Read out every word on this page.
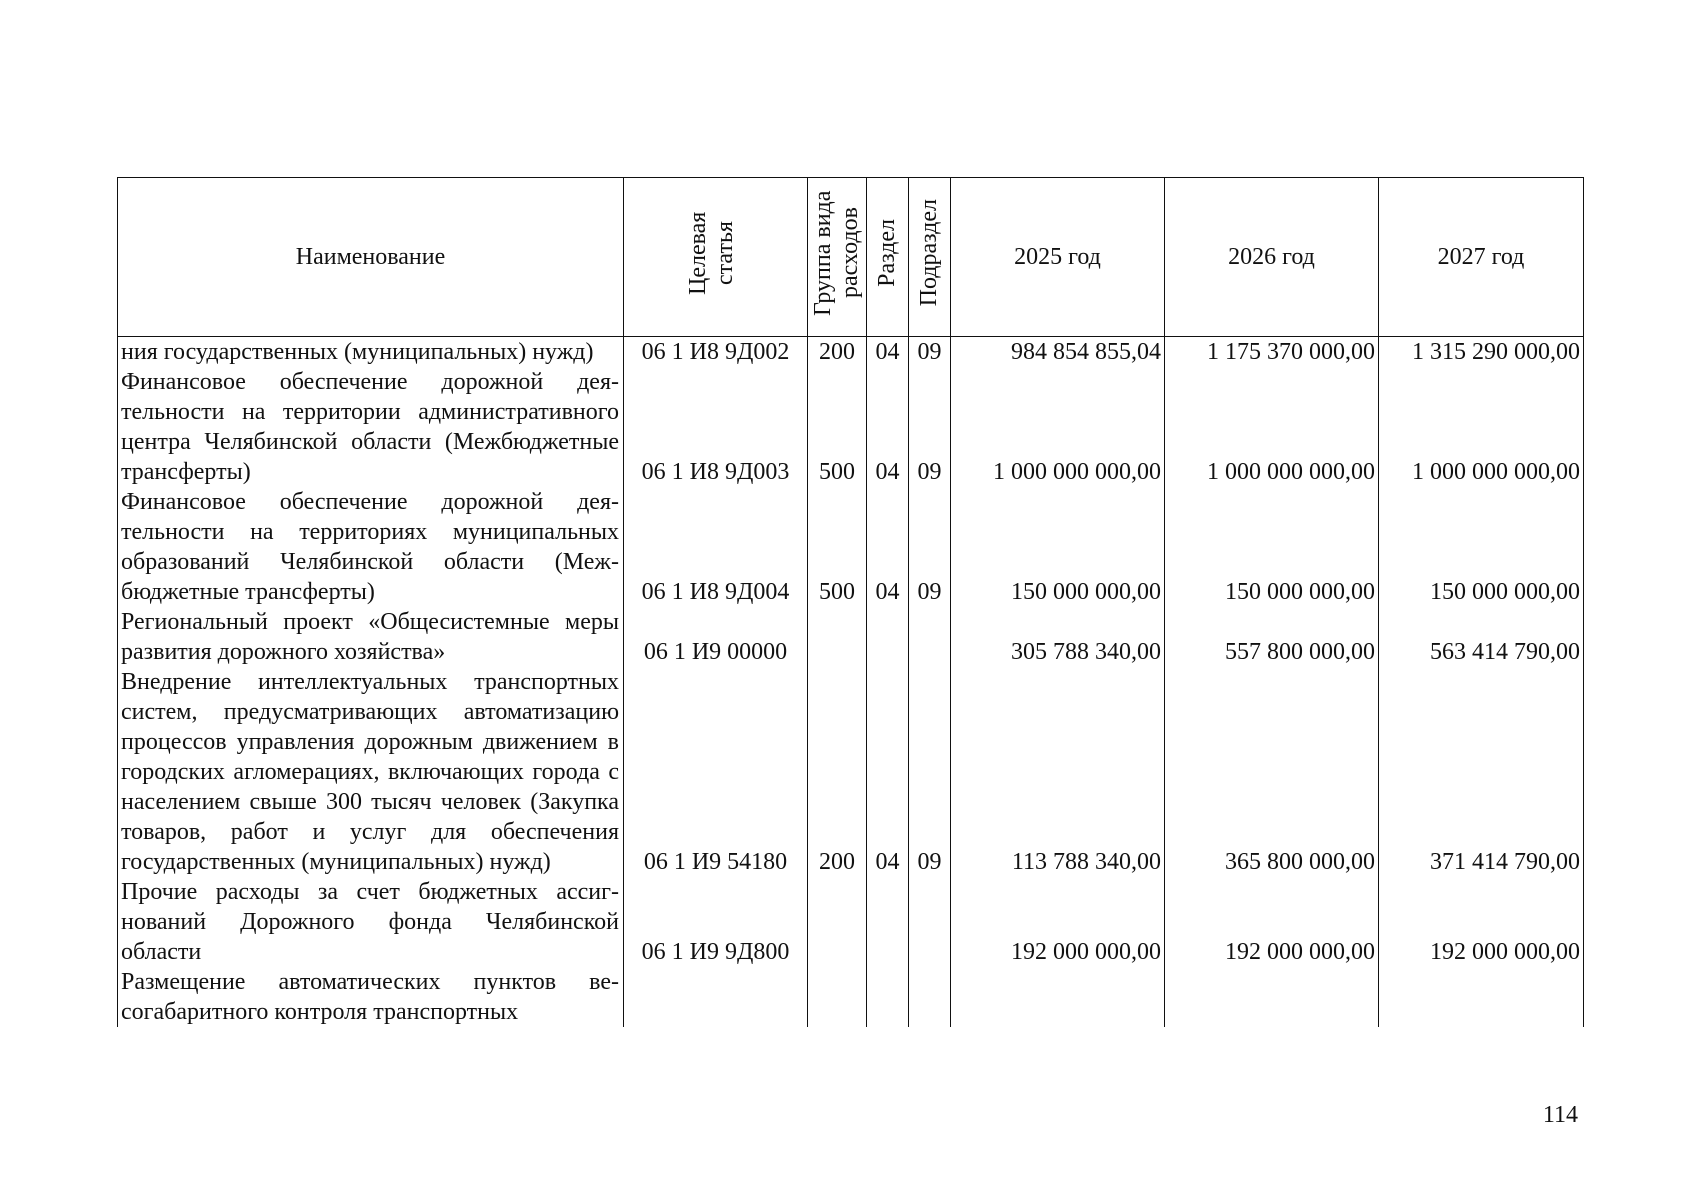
Наименование	Целевая статья	Группа вида расходов	Раздел	Подраздел	2025 год	2026 год	2027 год
ния государственных (муниципальных) нужд)	06 1 И8 9Д002	200	04	09	984 854 855,04	1 175 370 000,00	1 315 290 000,00
Финансовое обеспечение дорожной деятельности на территории административного центра Челябинской области (Межбюджетные трансферты)	06 1 И8 9Д003	500	04	09	1 000 000 000,00	1 000 000 000,00	1 000 000 000,00
Финансовое обеспечение дорожной деятельности на территориях муниципальных образований Челябинской области (Межбюджетные трансферты)	06 1 И8 9Д004	500	04	09	150 000 000,00	150 000 000,00	150 000 000,00
Региональный проект «Общесистемные меры развития дорожного хозяйства»	06 1 И9 00000				305 788 340,00	557 800 000,00	563 414 790,00
Внедрение интеллектуальных транспортных систем, предусматривающих автоматизацию процессов управления дорожным движением в городских агломерациях, включающих города с населением свыше 300 тысяч человек (Закупка товаров, работ и услуг для обеспечения государственных (муниципальных) нужд)	06 1 И9 54180	200	04	09	113 788 340,00	365 800 000,00	371 414 790,00
Прочие расходы за счет бюджетных ассигнований Дорожного фонда Челябинской области	06 1 И9 9Д800				192 000 000,00	192 000 000,00	192 000 000,00
Размещение автоматических пунктов весогабаритного контроля транспортных							
114
